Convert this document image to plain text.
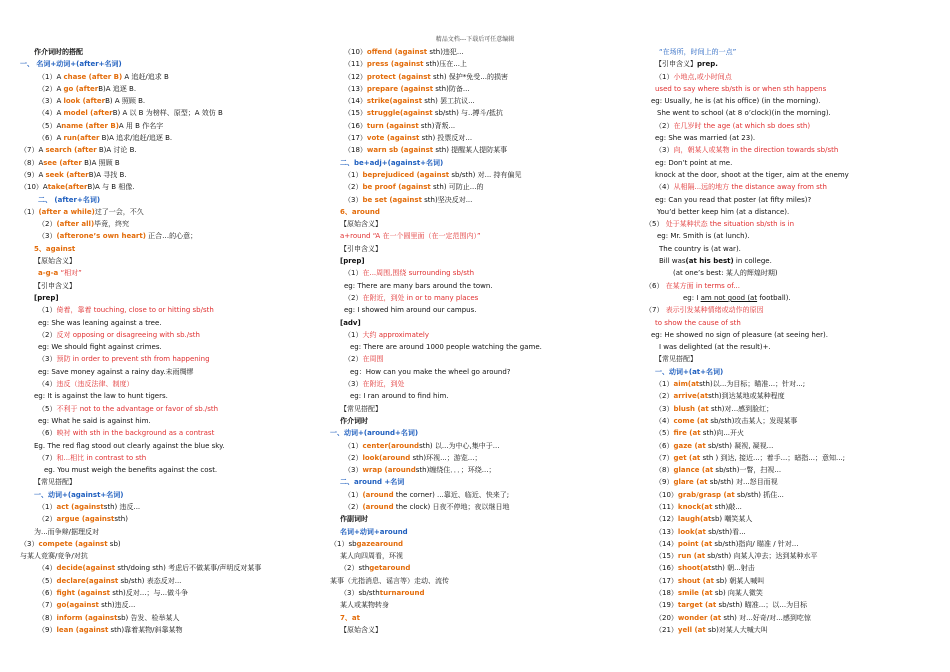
精品文档---下载后可任意编辑
作介词时的搭配
一、 名词+动词+(after+名词)
（1）A chase (after B) A 追赶/追求 B
（2）A go (afterB)A 追逐 B.
（3）A look (afterB) A 照顾 B.
（4）A model (afterB) A 以 B 为榜样、原型；A 效仿 B
（5）Aname (after B)A 用 B 作名字
（6）A run(after B)A 追求/追赶/追逐 B.
（7）A search (after B)A 讨论 B.
（8）Asee (after B)A 照顾 B
（9）A seek (afterB)A 寻找 B.
（10）Atake(afterB)A 与 B 相像.
二、 (after+名词)
（1）(after a while)过了一会，不久
（2）(after all)毕竟，终究
（3）(afterone’s own heart) 正合…的心意；
5、against
【原始含义】
a-g-a “相对”
【引申含义】
[prep]
（1）倚着，靠着 touching, close to or hitting sb/sth
eg: She was leaning against a tree.
（2）反对 opposing or disagreeing with sb./sth
eg: We should fight against crimes.
（3）预防 in order to prevent sth from happening
eg: Save money against a rainy day.未雨绸缪
（4）违反（违反法律、制度）
eg: It is against the law to hunt tigers.
（5）不利于 not to the advantage or favor of sb./sth
eg: What he said is against him.
（6）映衬 with sth in the background as a contrast
Eg. The red flag stood out clearly against the blue sky.
（7）和...相比 in contrast to sth
eg. You must weigh the benefits against the cost.
【常见搭配】
一、动词+(against+名词)
（1）act (againststh) 违反...
（2）argue (againststh)
为...而争辩/据理反对
（3）compete (against sb)
与某人竞赛/竞争/对抗
（4）decide(against sth/doing sth) 考虑后不做某事/声明反对某事
（5）declare(against sb/sth) 表态反对...
（6）fight (against sth)反对...；与...做斗争
（7）go(against sth)违反...
（8）inform (againstsb) 告发、检举某人
（9）lean (against sth)靠着某物/斜靠某物
（10）offend (against sth)违犯...
（11）press (against sth)压在...上
（12）protect (against sth) 保护*免受...的损害
（13）prepare (against sth)防备...
（14）strike(against sth) 罢工抗议...
（15）struggle(against sb/sth) 与..搏斗/抵抗
（16）turn (against sth)背叛...
（17）vote (against sth) 投票反对...
（18）warn sb (against sth) 提醒某人提防某事
二、be+adj+(against+名词)
（1）beprejudiced (against sb/sth) 对... 持有偏见
（2）be proof (against sth) 可防止...的
（3）be set (against sth)坚决反对...
6、around
【原始含义】
a+round “A 在一个圆里面（在一定范围内）”
【引申含义】
[prep]
（1）在...周围,围绕 surrounding sb/sth
eg: There are many bars around the town.
（2）在附近，到处 in or to many places
eg: I showed him around our campus.
[adv]
（1）大约 approximately
eg: There are around 1000 people watching the game.
（2）在周围
eg：How can you make the wheel go around?
（3）在附近，到处
eg: I ran around to find him.
【常见搭配】
作介词时
一、动词+(around+名词)
（1）center(aroundsth) 以...为中心,集中于...
（2）look(around sth)环视...；游览...；
（3）wrap (aroundsth)缠绕住．．．；环绕...；
二、around +名词
（1）(around the corner) ...靠近、临近、快来了;
（2）(around the clock) 日夜不停地；夜以继日地
作副词时
名词+动词+around
（1）sbgazearound
某人向四周看，环视
（2）sthgetaround
某事（尤指消息、谣言等）走动、流传
（3）sb/sthturnaround
某人或某物转身
7、at
【原始含义】
“在场所，时间上的一点”
【引申含义】prep.
（1）小地点,或小时间点
used to say where sb/sth is or when sth happens
eg: Usually, he is (at his office) (in the morning).
She went to school (at 8 o’clock)(in the morning).
（2）在几岁时 the age (at which sb does sth)
eg: She was married (at 23).
（3）向，朝某人或某物 in the direction towards sb/sth
eg: Don’t point at me.
knock at the door, shoot at the tiger, aim at the enemy
（4）从相隔...远的地方 the distance away from sth
eg: Can you read that poster (at fifty miles)?
You’d better keep him (at a distance).
（5） 处于某种状态 the situation sb/sth is in
eg: Mr. Smith is (at lunch).
The country is (at war).
Bill was(at his best) in college.
(at one’s best: 某人的辉煌时期)
（6） 在某方面 in terms of...
eg: I am not good (at football).
（7） 表示引发某种情绪或动作的原因
to show the cause of sth
eg: He showed no sign of pleasure (at seeing her).
I was delighted (at the result)+.
【常见搭配】
一、动词+(at+名词)
（1）aim(atsth)以...为目标；瞄准...；针对...;
（2）arrive(atsth)到达某地或某种程度
（3）blush (at sth)对...感到脸红；
（4）come (at sb/sth)攻击某人；发现某事
（5）fire (at sth)向...开火
（6）gaze (at sb/sth) 凝视, 凝视...
（7）get (at sth ) 到达, 接近...；着手...；暗指...；意知...;
（8）glance (at sb/sth)一瞥，扫视...
（9）glare (at sb/sth) 对...怒目而视
（10）grab/grasp (at sb/sth) 抓住...
（11）knock(at sth)敲...
（12）laugh(atsb) 嘲笑某人
（13）look(at sb/sth)看...
（14）point (at sb/sth)指向/ 瞄准 / 针对...
（15）run (at sb/sth) 向某人冲去；达到某种水平
（16）shoot(atsth) 朝...射击
（17）shout (at sb) 朝某人喊叫
（18）smile (at sb) 向某人微笑
（19）target (at sb/sth) 瞄准...；以...为目标
（20）wonder (at sth) 对...好奇/对...感到吃惊
（21）yell (at sb)对某人大喊大叫
